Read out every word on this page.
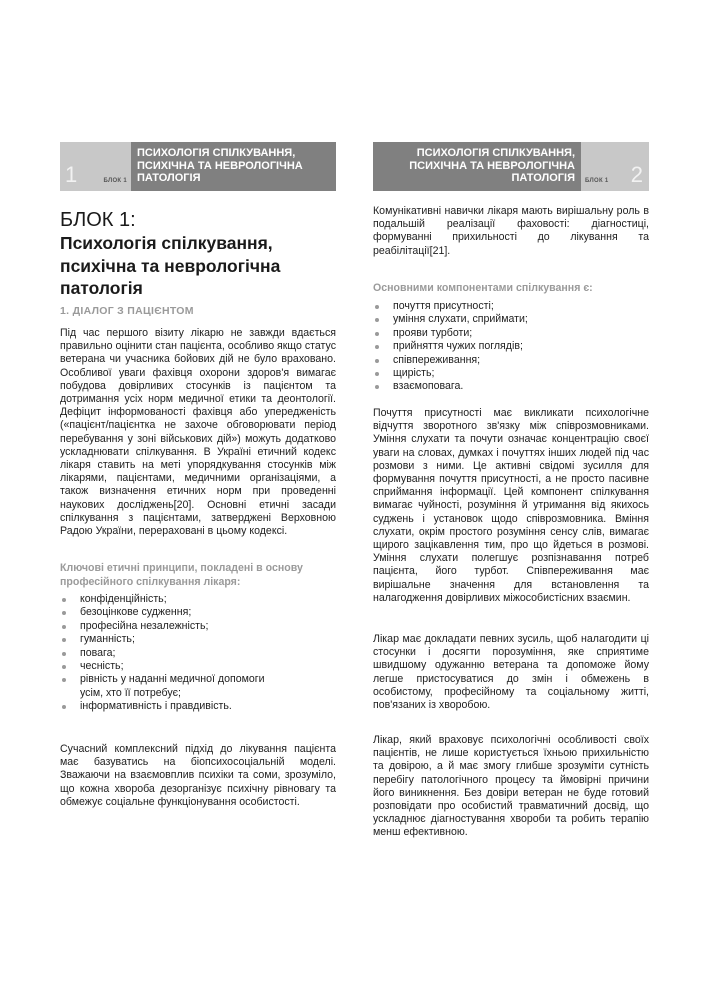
1	БЛОК 1
ПСИХОЛОГІЯ СПІЛКУВАННЯ, ПСИХІЧНА ТА НЕВРОЛОГІЧНА ПАТОЛОГІЯ
БЛОК 1:
Психологія спілкування, психічна та неврологічна патологія
1. ДІАЛОГ З ПАЦІЄНТОМ

Під час першого візиту лікарю не завжди вдається правильно оцінити стан пацієнта, особливо якщо статус ветерана чи учасника бойових дій не було враховано. Особливої уваги фахівця охорони здоров'я вимагає побудова довірливих стосунків із пацієнтом та дотримання усіх норм медичної етики та деонтології. Дефіцит інформованості фахівця або упередженість («пацієнт/пацієнтка не захоче обговорювати період перебування у зоні військових дій») можуть додатково ускладнювати спілкування. В Україні етичний кодекс лікаря ставить на меті упорядкування стосунків між лікарями, пацієнтами, медичними організаціями, а також визначення етичних норм при проведенні наукових досліджень[20]. Основні етичні засади спілкування з пацієнтами, затверджені Верховною Радою України, перераховані в цьому кодексі.

Ключові етичні принципи, покладені в основу професійного спілкування лікаря:
конфіденційність;
безоцінкове судження;
професійна незалежність;
гуманність;
повага;
чесність;
рівність у наданні медичної допомоги усім, хто її потребує;
інформативність і правдивість.

Сучасний комплексний підхід до лікування пацієнта має базуватись на біопсихосоціальній моделі. Зважаючи на взаємовплив психіки та соми, зрозуміло, що кожна хвороба дезорганізує психічну рівновагу та обмежує соціальне функціонування особистості.

ПСИХОЛОГІЯ СПІЛКУВАННЯ, ПСИХІЧНА ТА НЕВРОЛОГІЧНА ПАТОЛОГІЯ	БЛОК 1 2

Комунікативні навички лікаря мають вирішальну роль в подальшій реалізації фаховості: діагностиці, формуванні прихильності до лікування та реабілітації[21].

Основними компонентами спілкування є:
почуття присутності;
уміння слухати, сприймати;
прояви турботи;
прийняття чужих поглядів;
співпереживання;
щирість;
взаємоповага.

Почуття присутності має викликати психологічне відчуття зворотного зв'язку між співрозмовниками. Уміння слухати та почути означає концентрацію своєї уваги на словах, думках і почуттях інших людей під час розмови з ними. Це активні свідомі зусилля для формування почуття присутності, а не просто пасивне сприймання інформації. Цей компонент спілкування вимагає чуйності, розуміння й утримання від якихось суджень і установок щодо співрозмовника. Вміння слухати, окрім простого розуміння сенсу слів, вимагає щирого зацікавлення тим, про що йдеться в розмові. Уміння слухати полегшує розпізнавання потреб пацієнта, його турбот. Співпереживання має вирішальне значення для встановлення та налагодження довірливих міжособистісних взаємин.

Лікар має докладати певних зусиль, щоб налагодити ці стосунки і досягти порозуміння, яке сприятиме швидшому одужанню ветерана та допоможе йому легше пристосуватися до змін і обмежень в особистому, професійному та соціальному житті, пов'язаних із хворобою.

Лікар, який враховує психологічні особливості своїх пацієнтів, не лише користується їхньою прихильністю та довірою, а й має змогу глибше зрозуміти сутність перебігу патологічного процесу та ймовірні причини його виникнення. Без довіри ветеран не буде готовий розповідати про особистий травматичний досвід, що ускладнює діагностування хвороби та робить терапію менш ефективною.
